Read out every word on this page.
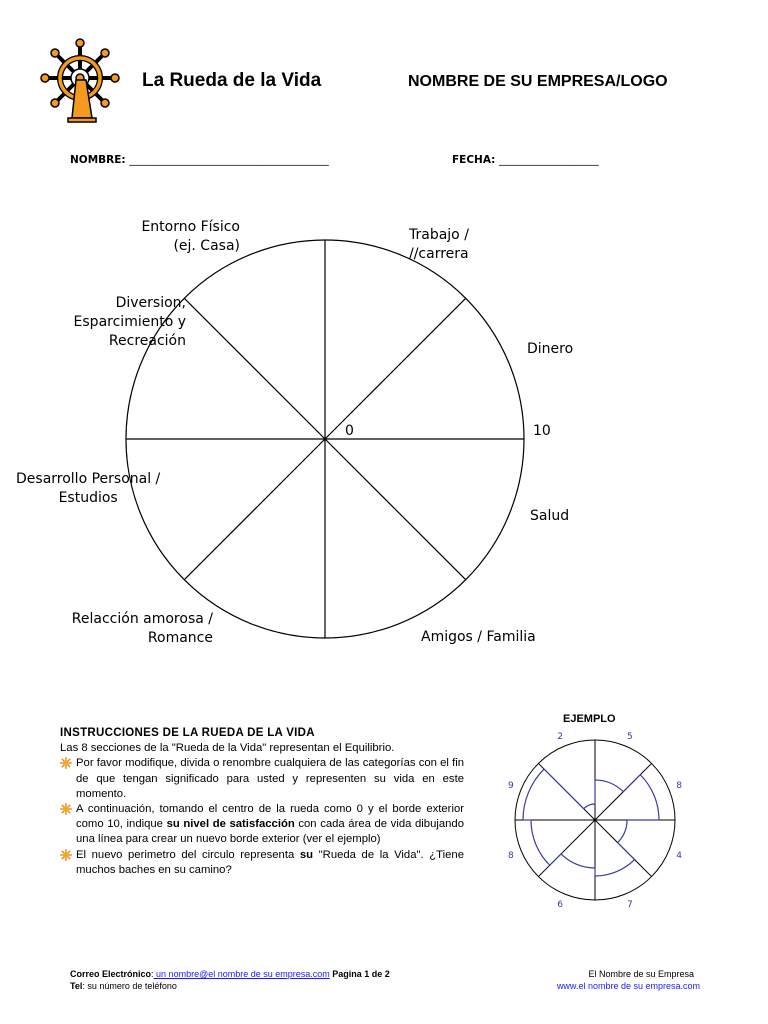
La Rueda de la Vida	NOMBRE DE SU EMPRESA/LOGO
NOMBRE: ______________________________________	FECHA: ___________________
0	10
Entorno Físico
(ej. Casa)
Trabajo /
//carrera
Dinero
Salud
Amigos / Familia
Relacción amorosa /
Romance
Desarrollo Personal /
Estudios
Diversion,
Esparcimiento y
Recreación
INSTRUCCIONES DE LA RUEDA DE LA VIDA

Las 8 secciones de la "Rueda de la Vida" representan el Equilibrio.

Por favor modifique, divida o renombre cualquiera de las categorías con el fin de que tengan significado para usted y representen su vida en este momento.
A continuación, tomando el centro de la rueda como 0 y el borde exterior como 10, indique su nivel de satisfacción con cada área de vida dibujando una línea para crear un nuevo borde exterior (ver el ejemplo)
El nuevo perimetro del circulo representa su "Rueda de la Vida". ¿Tiene muchos baches en su camino?
EJEMPLO
2	5
8
4
7
6
8
9
Correo Electrónico: un nombre@el nombre de su empresa.com Pagina 1 de 2
Tel: su número de teléfono
El Nombre de su Empresa
www.el nombre de su empresa.com
